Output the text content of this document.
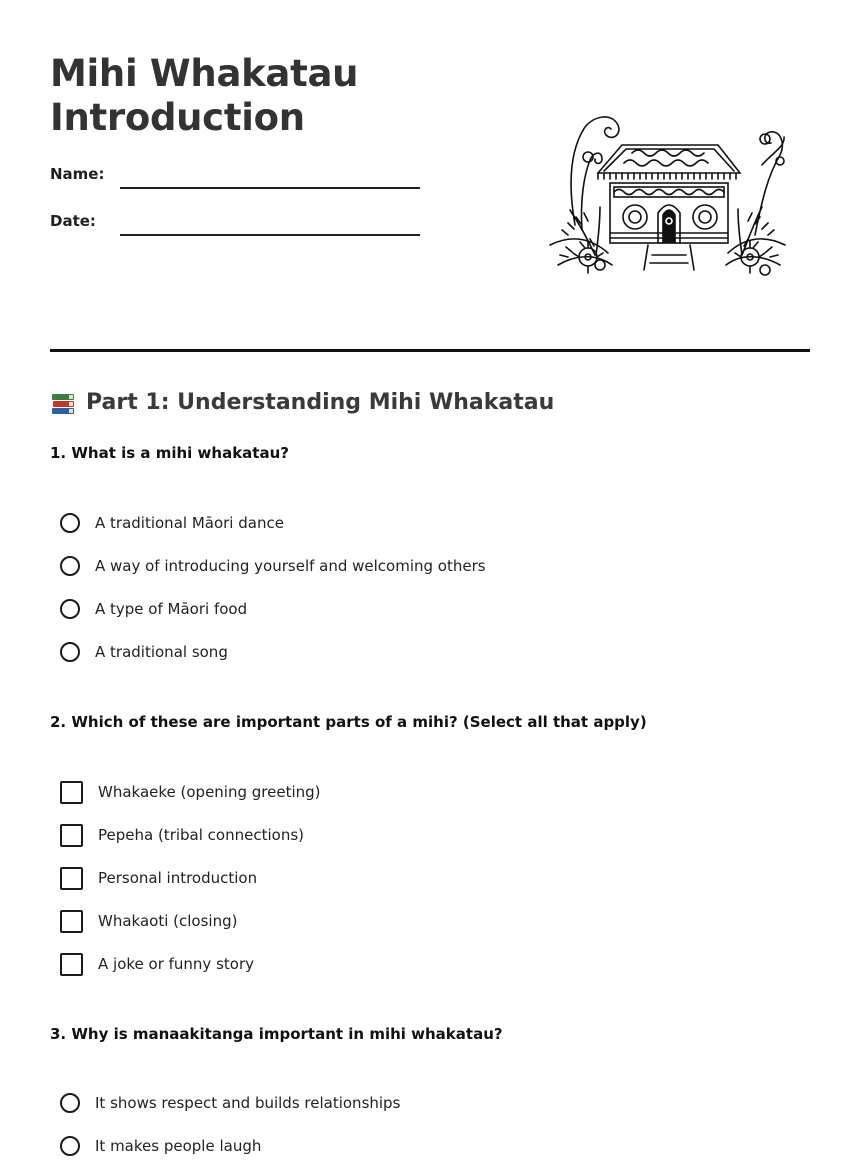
Mihi Whakatau
Introduction
Name:
Date:
Part 1: Understanding Mihi Whakatau

1. What is a mihi whakatau?

A traditional Māori dance
A way of introducing yourself and welcoming others
A type of Māori food
A traditional song

2. Which of these are important parts of a mihi? (Select all that apply)

Whakaeke (opening greeting)
Pepeha (tribal connections)
Personal introduction
Whakaoti (closing)
A joke or funny story

3. Why is manaakitanga important in mihi whakatau?

It shows respect and builds relationships
It makes people laugh
